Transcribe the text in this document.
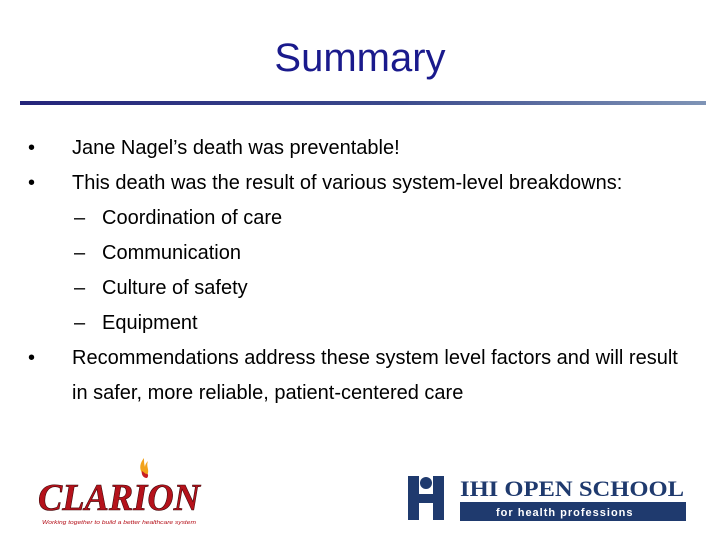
Summary
•	Jane Nagel’s death was preventable!
•	This death was the result of various system-level breakdowns:
– Coordination of care
– Communication
– Culture of safety
– Equipment
•	Recommendations address these system level factors and will result in safer, more reliable, patient-centered care
CLARION
Working together to build a better healthcare system
IHI OPEN SCHOOL
for health professions
